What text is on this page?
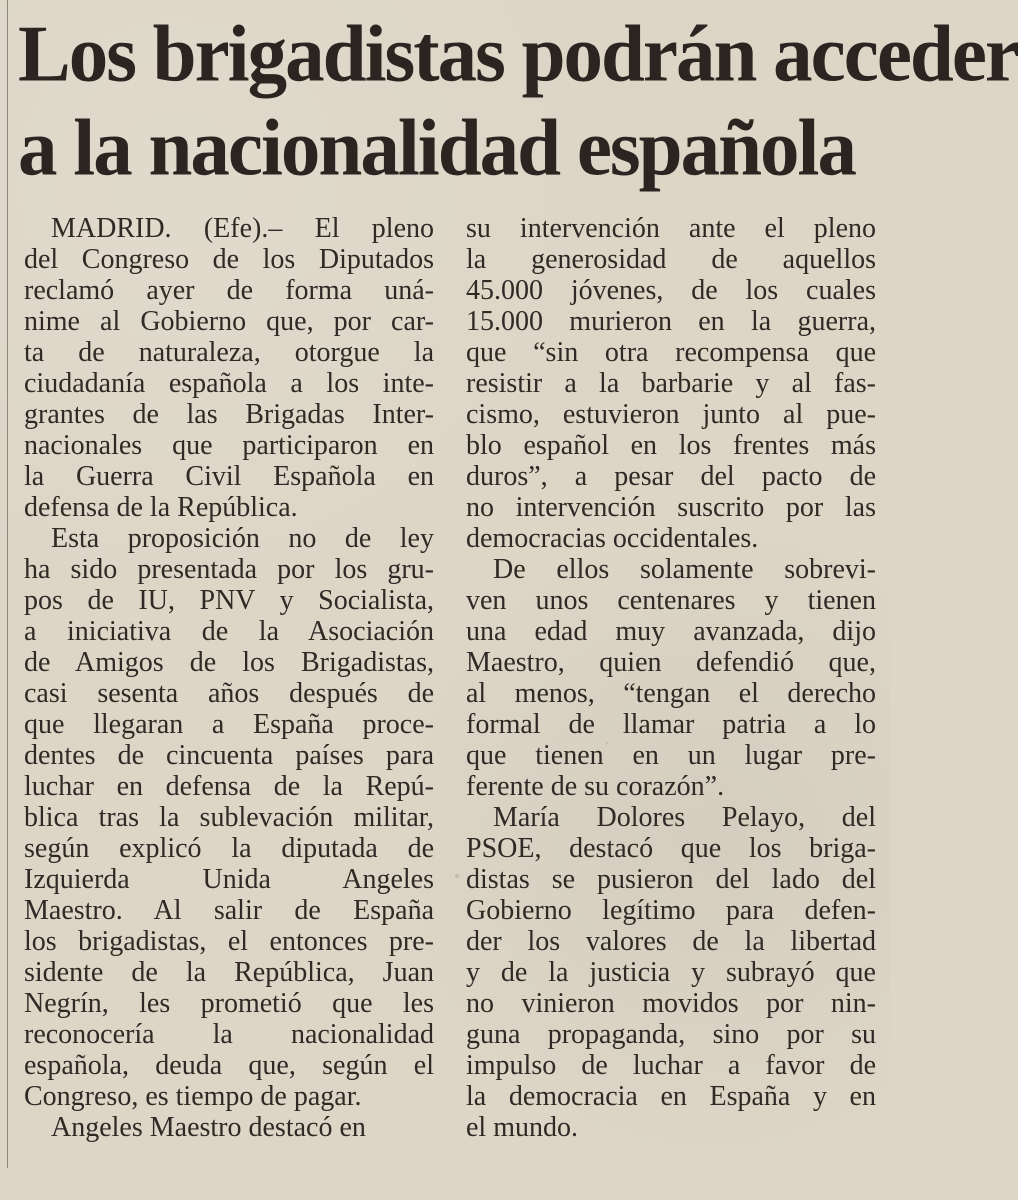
Los brigadistas podrán acceder
a la nacionalidad española
MADRID. (Efe).– El pleno
del Congreso de los Diputados
reclamó ayer de forma uná-
nime al Gobierno que, por car-
ta de naturaleza, otorgue la
ciudadanía española a los inte-
grantes de las Brigadas Inter-
nacionales que participaron en
la Guerra Civil Española en
defensa de la República.
Esta proposición no de ley
ha sido presentada por los gru-
pos de IU, PNV y Socialista,
a iniciativa de la Asociación
de Amigos de los Brigadistas,
casi sesenta años después de
que llegaran a España proce-
dentes de cincuenta países para
luchar en defensa de la Repú-
blica tras la sublevación militar,
según explicó la diputada de
Izquierda Unida Angeles
Maestro. Al salir de España
los brigadistas, el entonces pre-
sidente de la República, Juan
Negrín, les prometió que les
reconocería la nacionalidad
española, deuda que, según el
Congreso, es tiempo de pagar.
Angeles Maestro destacó en
su intervención ante el pleno
la generosidad de aquellos
45.000 jóvenes, de los cuales
15.000 murieron en la guerra,
que “sin otra recompensa que
resistir a la barbarie y al fas-
cismo, estuvieron junto al pue-
blo español en los frentes más
duros”, a pesar del pacto de
no intervención suscrito por las
democracias occidentales.
De ellos solamente sobrevi-
ven unos centenares y tienen
una edad muy avanzada, dijo
Maestro, quien defendió que,
al menos, “tengan el derecho
formal de llamar patria a lo
que tienen en un lugar pre-
ferente de su corazón”.
María Dolores Pelayo, del
PSOE, destacó que los briga-
distas se pusieron del lado del
Gobierno legítimo para defen-
der los valores de la libertad
y de la justicia y subrayó que
no vinieron movidos por nin-
guna propaganda, sino por su
impulso de luchar a favor de
la democracia en España y en
el mundo.
